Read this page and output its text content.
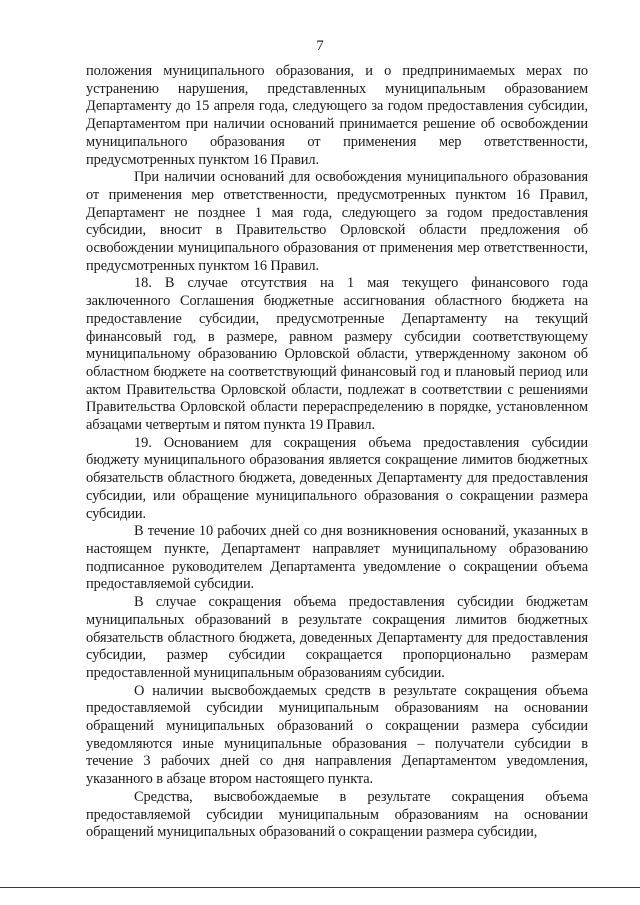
7

положения муниципального образования, и о предпринимаемых мерах по устранению нарушения, представленных муниципальным образованием Департаменту до 15 апреля года, следующего за годом предоставления субсидии, Департаментом при наличии оснований принимается решение об освобождении муниципального образования от применения мер ответственности, предусмотренных пунктом 16 Правил.

При наличии оснований для освобождения муниципального образования от применения мер ответственности, предусмотренных пунктом 16 Правил, Департамент не позднее 1 мая года, следующего за годом предоставления субсидии, вносит в Правительство Орловской области предложения об освобождении муниципального образования от применения мер ответственности, предусмотренных пунктом 16 Правил.

18. В случае отсутствия на 1 мая текущего финансового года заключенного Соглашения бюджетные ассигнования областного бюджета на предоставление субсидии, предусмотренные Департаменту на текущий финансовый год, в размере, равном размеру субсидии соответствующему муниципальному образованию Орловской области, утвержденному законом об областном бюджете на соответствующий финансовый год и плановый период или актом Правительства Орловской области, подлежат в соответствии с решениями Правительства Орловской области перераспределению в порядке, установленном абзацами четвертым и пятом пункта 19 Правил.

19. Основанием для сокращения объема предоставления субсидии бюджету муниципального образования является сокращение лимитов бюджетных обязательств областного бюджета, доведенных Департаменту для предоставления субсидии, или обращение муниципального образования о сокращении размера субсидии.

В течение 10 рабочих дней со дня возникновения оснований, указанных в настоящем пункте, Департамент направляет муниципальному образованию подписанное руководителем Департамента уведомление о сокращении объема предоставляемой субсидии.

В случае сокращения объема предоставления субсидии бюджетам муниципальных образований в результате сокращения лимитов бюджетных обязательств областного бюджета, доведенных Департаменту для предоставления субсидии, размер субсидии сокращается пропорционально размерам предоставленной муниципальным образованиям субсидии.

О наличии высвобождаемых средств в результате сокращения объема предоставляемой субсидии муниципальным образованиям на основании обращений муниципальных образований о сокращении размера субсидии уведомляются иные муниципальные образования – получатели субсидии в течение 3 рабочих дней со дня направления Департаментом уведомления, указанного в абзаце втором настоящего пункта.

Средства, высвобождаемые в результате сокращения объема предоставляемой субсидии муниципальным образованиям на основании обращений муниципальных образований о сокращении размера субсидии,
